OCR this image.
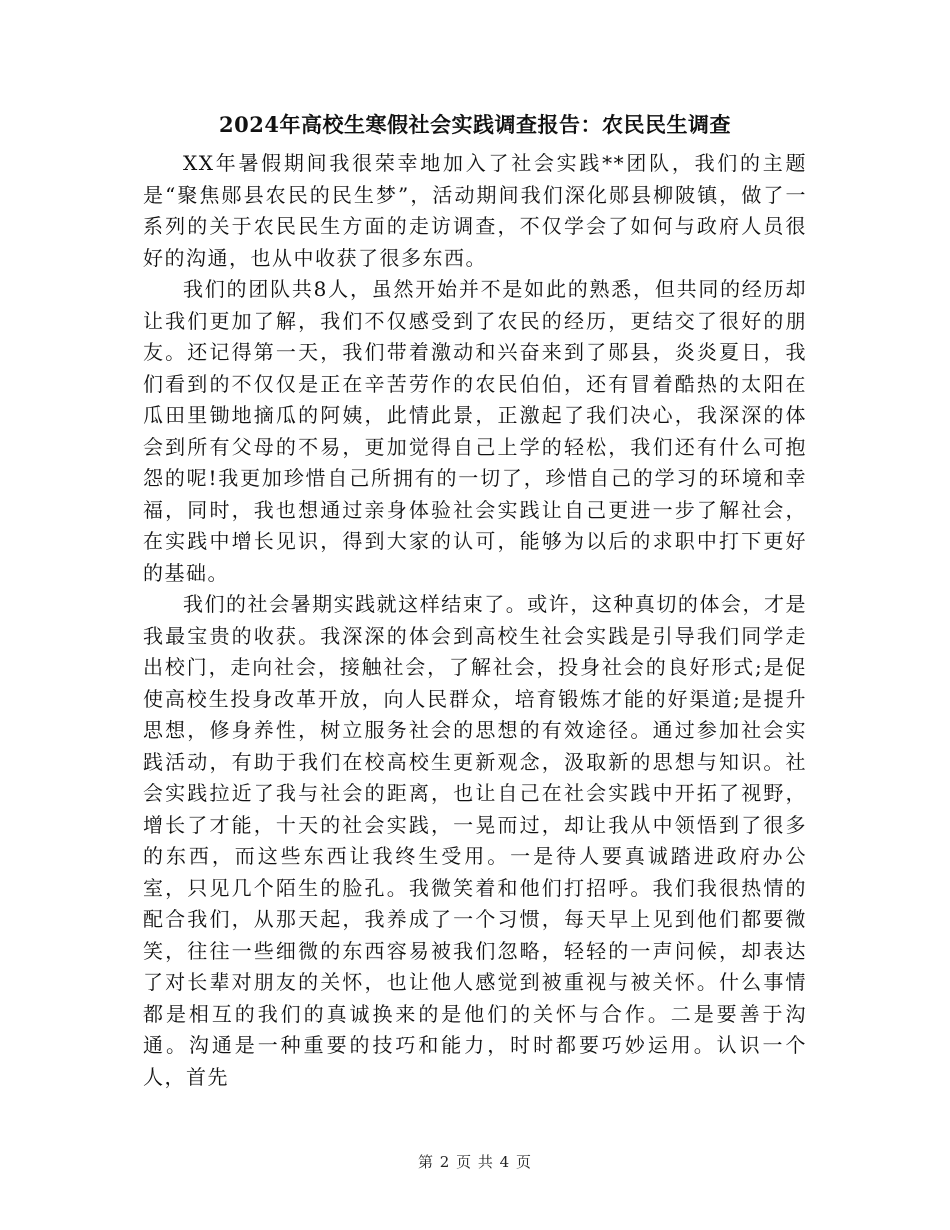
2024年高校生寒假社会实践调查报告：农民民生调查

XX年暑假期间我很荣幸地加入了社会实践**团队，我们的主题是“聚焦郧县农民的民生梦”，活动期间我们深化郧县柳陂镇，做了一系列的关于农民民生方面的走访调查，不仅学会了如何与政府人员很好的沟通，也从中收获了很多东西。

我们的团队共8人，虽然开始并不是如此的熟悉，但共同的经历却让我们更加了解，我们不仅感受到了农民的经历，更结交了很好的朋友。还记得第一天，我们带着激动和兴奋来到了郧县，炎炎夏日，我们看到的不仅仅是正在辛苦劳作的农民伯伯，还有冒着酷热的太阳在瓜田里锄地摘瓜的阿姨，此情此景，正激起了我们决心，我深深的体会到所有父母的不易，更加觉得自己上学的轻松，我们还有什么可抱怨的呢!我更加珍惜自己所拥有的一切了，珍惜自己的学习的环境和幸福，同时，我也想通过亲身体验社会实践让自己更进一步了解社会，在实践中增长见识，得到大家的认可，能够为以后的求职中打下更好的基础。

我们的社会暑期实践就这样结束了。或许，这种真切的体会，才是我最宝贵的收获。我深深的体会到高校生社会实践是引导我们同学走出校门，走向社会，接触社会，了解社会，投身社会的良好形式;是促使高校生投身改革开放，向人民群众，培育锻炼才能的好渠道;是提升思想，修身养性，树立服务社会的思想的有效途径。通过参加社会实践活动，有助于我们在校高校生更新观念，汲取新的思想与知识。社会实践拉近了我与社会的距离，也让自己在社会实践中开拓了视野，增长了才能，十天的社会实践，一晃而过，却让我从中领悟到了很多的东西，而这些东西让我终生受用。一是待人要真诚踏进政府办公室，只见几个陌生的脸孔。我微笑着和他们打招呼。我们我很热情的配合我们，从那天起，我养成了一个习惯，每天早上见到他们都要微笑，往往一些细微的东西容易被我们忽略，轻轻的一声问候，却表达了对长辈对朋友的关怀，也让他人感觉到被重视与被关怀。什么事情都是相互的我们的真诚换来的是他们的关怀与合作。二是要善于沟通。沟通是一种重要的技巧和能力，时时都要巧妙运用。认识一个人，首先

第 2 页 共 4 页
